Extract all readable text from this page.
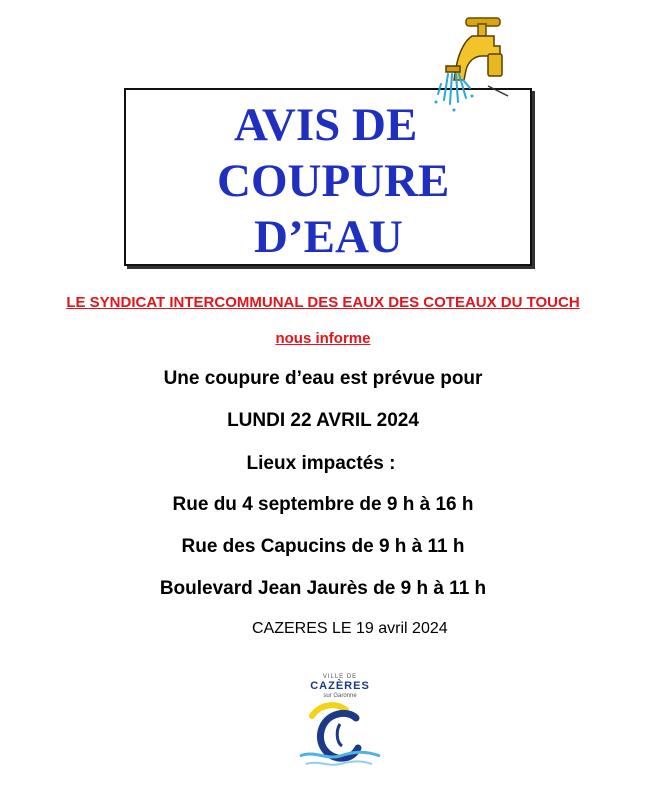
AVIS DE
COUPURE
D’EAU
LE SYNDICAT INTERCOMMUNAL DES EAUX DES COTEAUX DU TOUCH
nous informe
Une coupure d’eau est prévue pour
LUNDI 22 AVRIL 2024
Lieux impactés :
Rue du 4 septembre de 9 h à 16 h
Rue des Capucins de 9 h à 11 h
Boulevard Jean Jaurès de 9 h à 11 h
CAZERES LE 19 avril 2024
VILLE DE
CAZÈRES
sur Garonne
